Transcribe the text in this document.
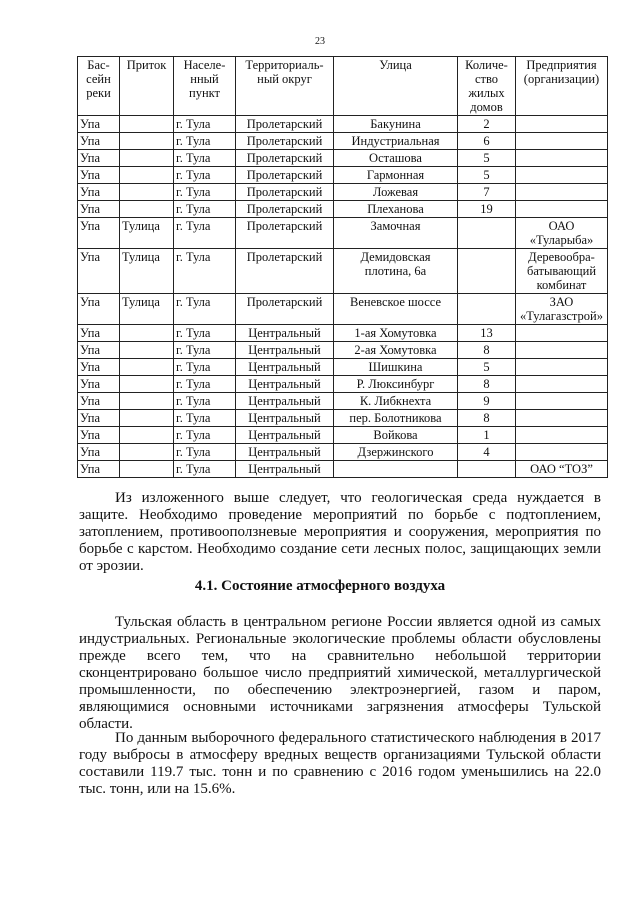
23
Бас-сейн реки	Приток	Населе-нный пункт	Территориаль-ный округ	Улица	Количе-ство жилых домов	Предприятия (организации)
Упа		г. Тула	Пролетарский	Бакунина	2	
Упа		г. Тула	Пролетарский	Индустриальная	6	
Упа		г. Тула	Пролетарский	Осташова	5	
Упа		г. Тула	Пролетарский	Гармонная	5	
Упа		г. Тула	Пролетарский	Ложевая	7	
Упа		г. Тула	Пролетарский	Плеханова	19	
Упа	Тулица	г. Тула	Пролетарский	Замочная		ОАО «Туларыба»
Упа	Тулица	г. Тула	Пролетарский	Демидовская плотина, 6а		Деревообра-батывающий комбинат
Упа	Тулица	г. Тула	Пролетарский	Веневское шоссе		ЗАО «Тулагазстрой»
Упа		г. Тула	Центральный	1-ая Хомутовка	13	
Упа		г. Тула	Центральный	2-ая Хомутовка	8	
Упа		г. Тула	Центральный	Шишкина	5	
Упа		г. Тула	Центральный	Р. Люксинбург	8	
Упа		г. Тула	Центральный	К. Либкнехта	9	
Упа		г. Тула	Центральный	пер. Болотникова	8	
Упа		г. Тула	Центральный	Войкова	1	
Упа		г. Тула	Центральный	Дзержинского	4	
Упа		г. Тула	Центральный			ОАО “ТОЗ”

Из изложенного выше следует, что геологическая среда нуждается в защите. Необходимо проведение мероприятий по борьбе с подтоплением, затоплением, противооползневые мероприятия и сооружения, мероприятия по борьбе с карстом. Необходимо создание сети лесных полос, защищающих земли от эрозии.

4.1. Состояние атмосферного воздуха

Тульская область в центральном регионе России является одной из самых индустриальных. Региональные экологические проблемы области обусловлены прежде всего тем, что на сравнительно небольшой территории сконцентрировано большое число предприятий химической, металлургической промышленности, по обеспечению электроэнергией, газом и паром, являющимися основными источниками загрязнения атмосферы Тульской области.

По данным выборочного федерального статистического наблюдения в 2017 году выбросы в атмосферу вредных веществ организациями Тульской области составили 119.7 тыс. тонн и по сравнению с 2016 годом уменьшились на 22.0 тыс. тонн, или на 15.6%.
